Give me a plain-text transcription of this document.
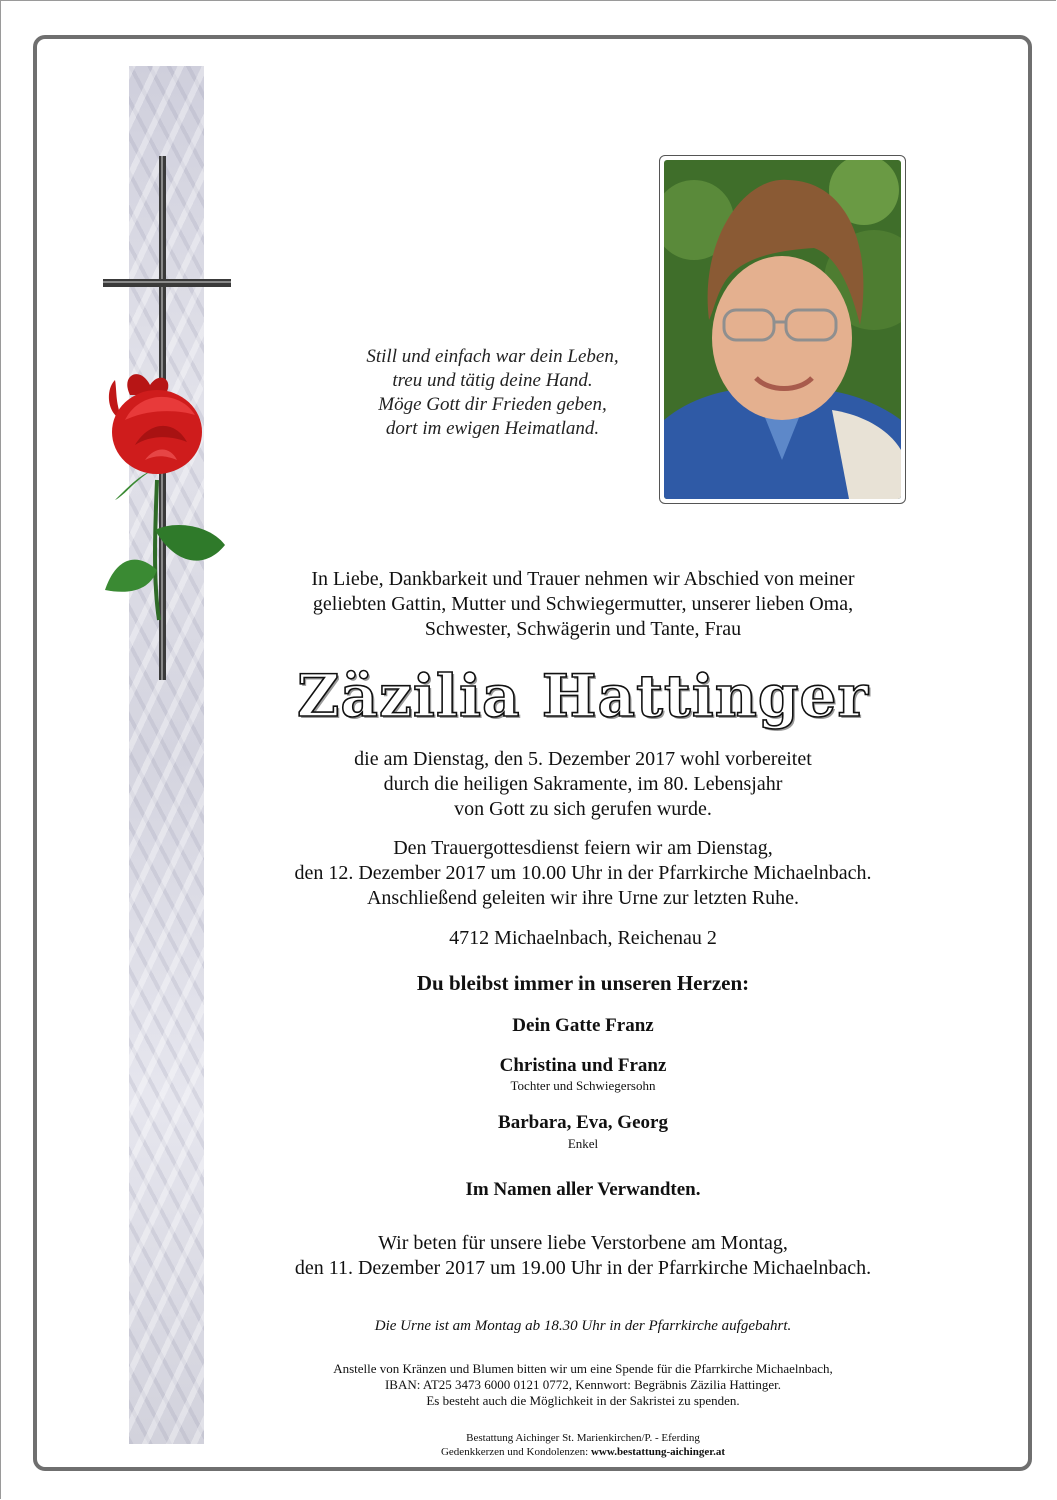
Still und einfach war dein Leben,
treu und tätig deine Hand.
Möge Gott dir Frieden geben,
dort im ewigen Heimatland.
In Liebe, Dankbarkeit und Trauer nehmen wir Abschied von meiner
geliebten Gattin, Mutter und Schwiegermutter, unserer lieben Oma,
Schwester, Schwägerin und Tante, Frau
Zäzilia Hattinger
die am Dienstag, den 5. Dezember 2017 wohl vorbereitet
durch die heiligen Sakramente, im 80. Lebensjahr
von Gott zu sich gerufen wurde.
Den Trauergottesdienst feiern wir am Dienstag,
den 12. Dezember 2017 um 10.00 Uhr in der Pfarrkirche Michaelnbach.
Anschließend geleiten wir ihre Urne zur letzten Ruhe.
4712 Michaelnbach, Reichenau 2
Du bleibst immer in unseren Herzen:
Dein Gatte Franz
Christina und Franz
Tochter und Schwiegersohn
Barbara, Eva, Georg
Enkel
Im Namen aller Verwandten.
Wir beten für unsere liebe Verstorbene am Montag,
den 11. Dezember 2017 um 19.00 Uhr in der Pfarrkirche Michaelnbach.
Die Urne ist am Montag ab 18.30 Uhr in der Pfarrkirche aufgebahrt.
Anstelle von Kränzen und Blumen bitten wir um eine Spende für die Pfarrkirche Michaelnbach,
IBAN: AT25 3473 6000 0121 0772, Kennwort: Begräbnis Zäzilia Hattinger.
Es besteht auch die Möglichkeit in der Sakristei zu spenden.
Bestattung Aichinger St. Marienkirchen/P. - Eferding
Gedenkkerzen und Kondolenzen: www.bestattung-aichinger.at
